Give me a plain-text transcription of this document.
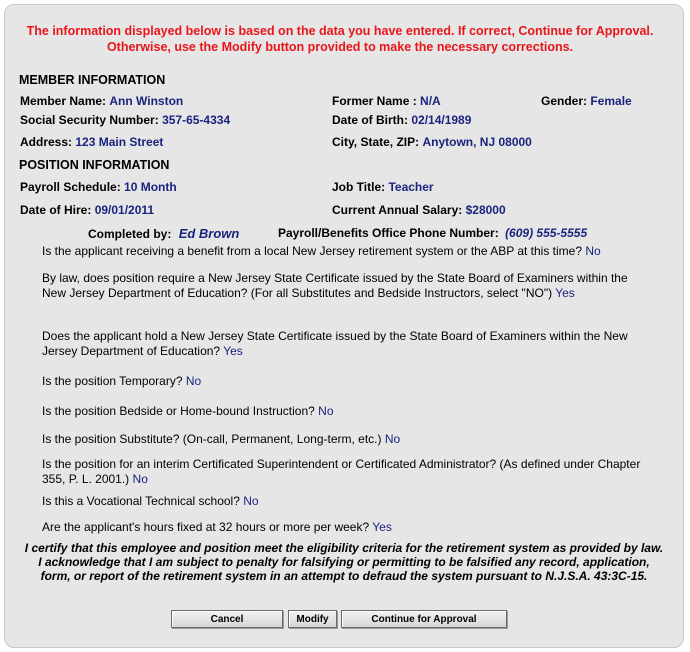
The information displayed below is based on the data you have entered. If correct, Continue for Approval. Otherwise, use the Modify button provided to make the necessary corrections.
MEMBER INFORMATION
Member Name: Ann Winston	Former Name : N/A	Gender: Female
Social Security Number: 357-65-4334	Date of Birth: 02/14/1989
Address: 123 Main Street	City, State, ZIP: Anytown, NJ 08000
POSITION INFORMATION
Payroll Schedule: 10 Month	Job Title: Teacher
Date of Hire: 09/01/2011	Current Annual Salary: $28000
Completed by: Ed Brown	Payroll/Benefits Office Phone Number: (609) 555-5555
Is the applicant receiving a benefit from a local New Jersey retirement system or the ABP at this time? No
By law, does position require a New Jersey State Certificate issued by the State Board of Examiners within the New Jersey Department of Education? (For all Substitutes and Bedside Instructors, select "NO") Yes
Does the applicant hold a New Jersey State Certificate issued by the State Board of Examiners within the New Jersey Department of Education? Yes
Is the position Temporary? No
Is the position Bedside or Home-bound Instruction? No
Is the position Substitute? (On-call, Permanent, Long-term, etc.) No
Is the position for an interim Certificated Superintendent or Certificated Administrator? (As defined under Chapter 355, P. L. 2001.) No
Is this a Vocational Technical school? No
Are the applicant's hours fixed at 32 hours or more per week? Yes
I certify that this employee and position meet the eligibility criteria for the retirement system as provided by law. I acknowledge that I am subject to penalty for falsifying or permitting to be falsified any record, application, form, or report of the retirement system in an attempt to defraud the system pursuant to N.J.S.A. 43:3C-15.
Cancel	Modify	Continue for Approval
